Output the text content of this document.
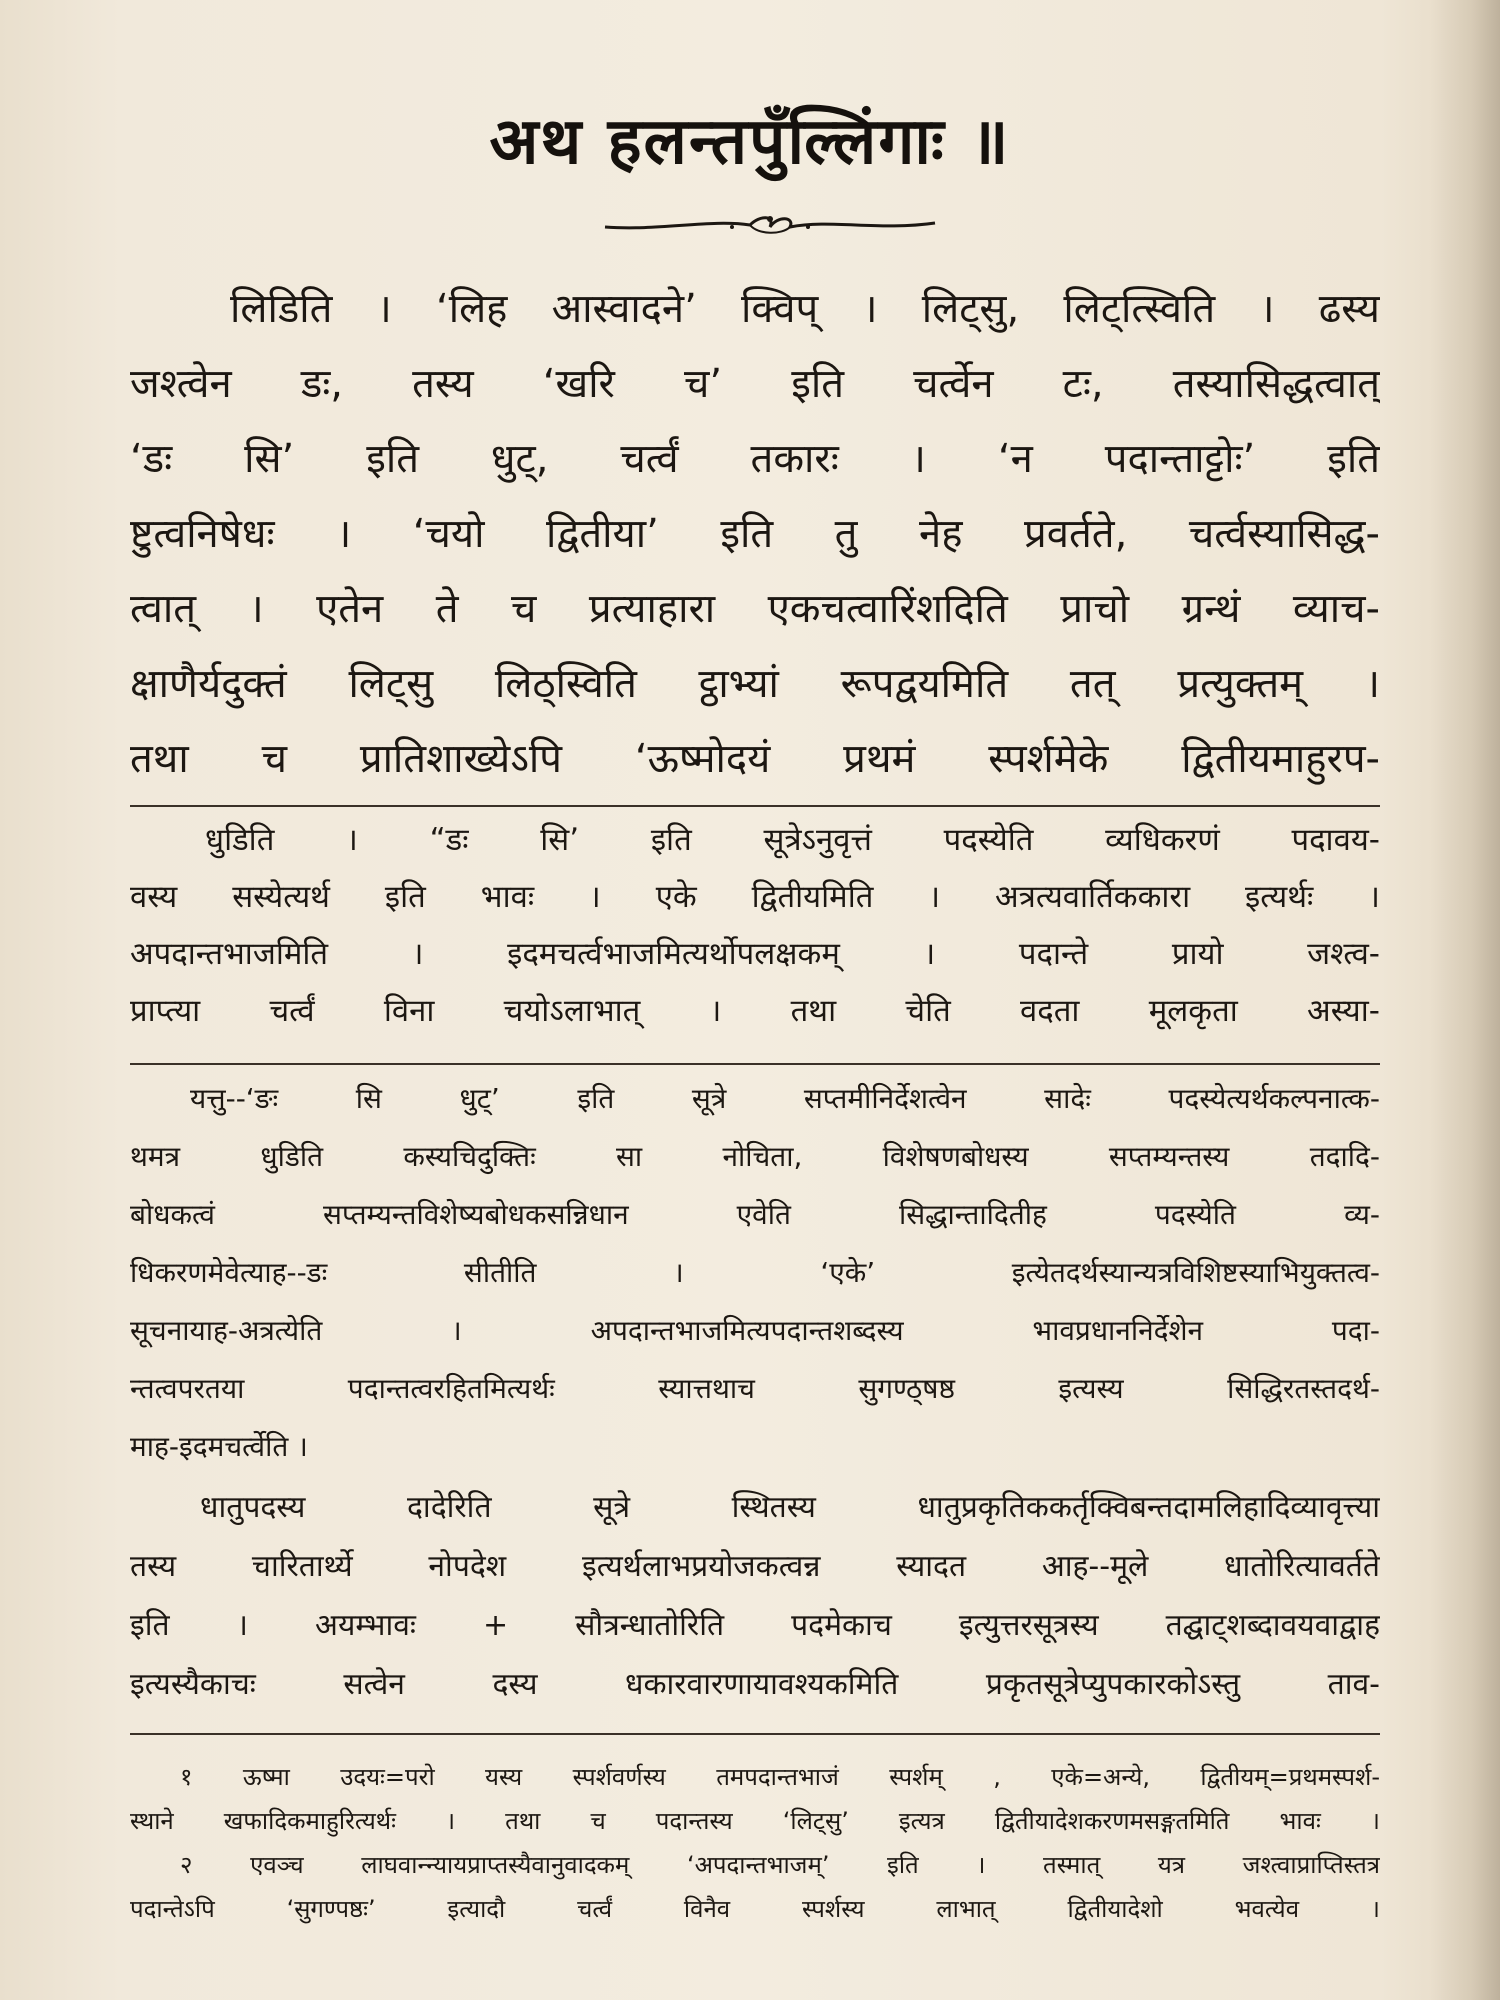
अथ हलन्तपुँल्लिंगाः ॥
लिडिति । ‘लिह आस्वादने’ क्विप् । लिट्सु, लिट्त्स्विति । ढस्य
जश्त्वेन डः, तस्य ‘खरि च’ इति चर्त्वेन टः, तस्यासिद्धत्वात्
‘डः सि’ इति धुट्, चर्त्वं तकारः । ‘न पदान्ताट्टोः’ इति
ष्टुत्वनिषेधः । ‘चयो द्वितीया’ इति तु नेह प्रवर्तते, चर्त्वस्यासिद्ध-
त्वात् । एतेन ते च प्रत्याहारा एकचत्वारिंशदिति प्राचो ग्रन्थं व्याच-
क्षाणैर्यदुक्तं लिट्सु लिठ्स्विति ट्ठाभ्यां रूपद्वयमिति तत् प्रत्युक्तम् ।
तथा च प्रातिशाख्येऽपि ‘ऊष्मोदयं प्रथमं स्पर्शमेके द्वितीयमाहुरप-
धुडिति । “डः सि’ इति सूत्रेऽनुवृत्तं पदस्येति व्यधिकरणं पदावय-
वस्य सस्येत्यर्थ इति भावः । एके द्वितीयमिति । अत्रत्यवार्तिककारा इत्यर्थः ।
अपदान्तभाजमिति । इदमचर्त्वभाजमित्यर्थोपलक्षकम् । पदान्ते प्रायो जश्त्व-
प्राप्त्या चर्त्वं विना चयोऽलाभात् । तथा चेति वदता मूलकृता अस्या-
यत्तु--‘ङः सि धुट्’ इति सूत्रे सप्तमीनिर्देशत्वेन सादेः पदस्येत्यर्थकल्पनात्क-
थमत्र धुडिति कस्यचिदुक्तिः सा नोचिता, विशेषणबोधस्य सप्तम्यन्तस्य तदादि-
बोधकत्वं सप्तम्यन्तविशेष्यबोधकसन्निधान एवेति सिद्धान्तादितीह पदस्येति व्य-
धिकरणमेवेत्याह--डः सीतीति । ‘एके’ इत्येतदर्थस्यान्यत्रविशिष्टस्याभियुक्तत्व-
सूचनायाह-अत्रत्येति । अपदान्तभाजमित्यपदान्तशब्दस्य भावप्रधाननिर्देशेन पदा-
न्तत्वपरतया पदान्तत्वरहितमित्यर्थः स्यात्तथाच सुगण्ठ्षष्ठ इत्यस्य सिद्धिरतस्तदर्थ-
माह-इदमचर्त्वेति ।
धातुपदस्य दादेरिति सूत्रे स्थितस्य धातुप्रकृतिककर्तृक्विबन्तदामलिहादिव्यावृत्त्या
तस्य चारितार्थ्ये नोपदेश इत्यर्थलाभप्रयोजकत्वन्न स्यादत आह--मूले धातोरित्यावर्तते
इति । अयम्भावः + सौत्रन्धातोरिति पदमेकाच इत्युत्तरसूत्रस्य तद्घाट्शब्दावयवाद्वाह
इत्यस्यैकाचः सत्वेन दस्य धकारवारणायावश्यकमिति प्रकृतसूत्रेप्युपकारकोऽस्तु ताव-
१ ऊष्मा उदयः=परो यस्य स्पर्शवर्णस्य तमपदान्तभाजं स्पर्शम् , एके=अन्ये, द्वितीयम्=प्रथमस्पर्श-
स्थाने खफादिकमाहुरित्यर्थः । तथा च पदान्तस्य ‘लिट्सु’ इत्यत्र द्वितीयादेशकरणमसङ्गतमिति भावः ।
२ एवञ्च लाघवान्न्यायप्राप्तस्यैवानुवादकम् ‘अपदान्तभाजम्’ इति । तस्मात् यत्र जश्त्वाप्राप्तिस्तत्र
पदान्तेऽपि ‘सुगण्पष्ठः’ इत्यादौ चर्त्वं विनैव स्पर्शस्य लाभात् द्वितीयादेशो भवत्येव ।
